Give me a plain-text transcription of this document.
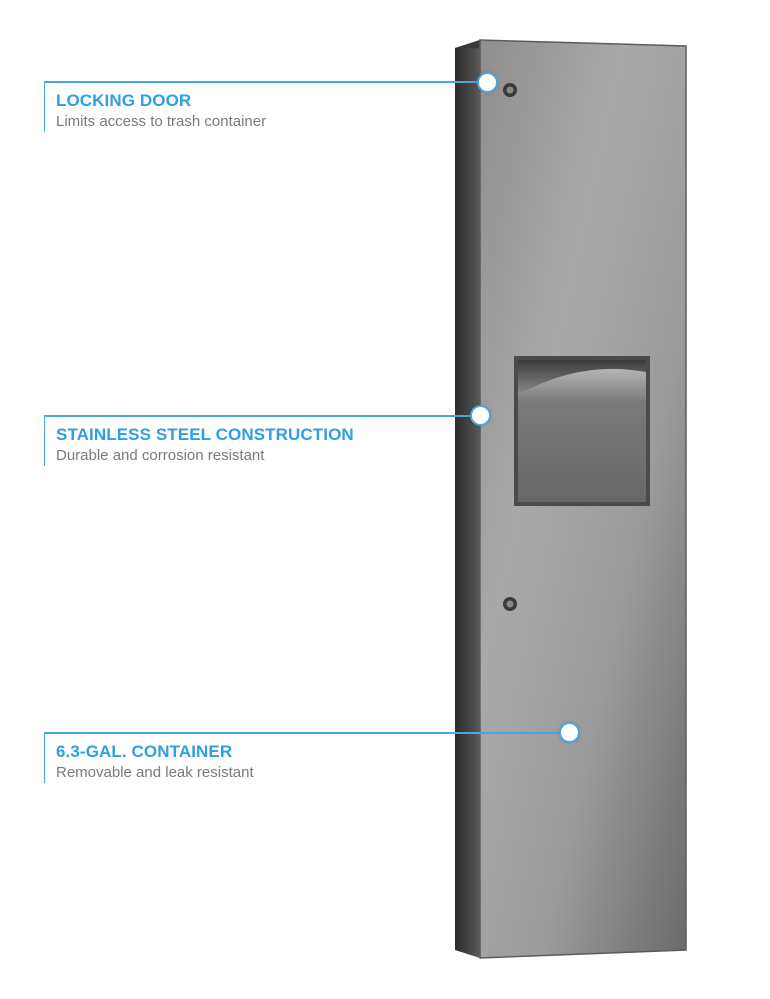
LOCKING DOOR
Limits access to trash container
STAINLESS STEEL CONSTRUCTION
Durable and corrosion resistant
6.3-GAL. CONTAINER
Removable and leak resistant
